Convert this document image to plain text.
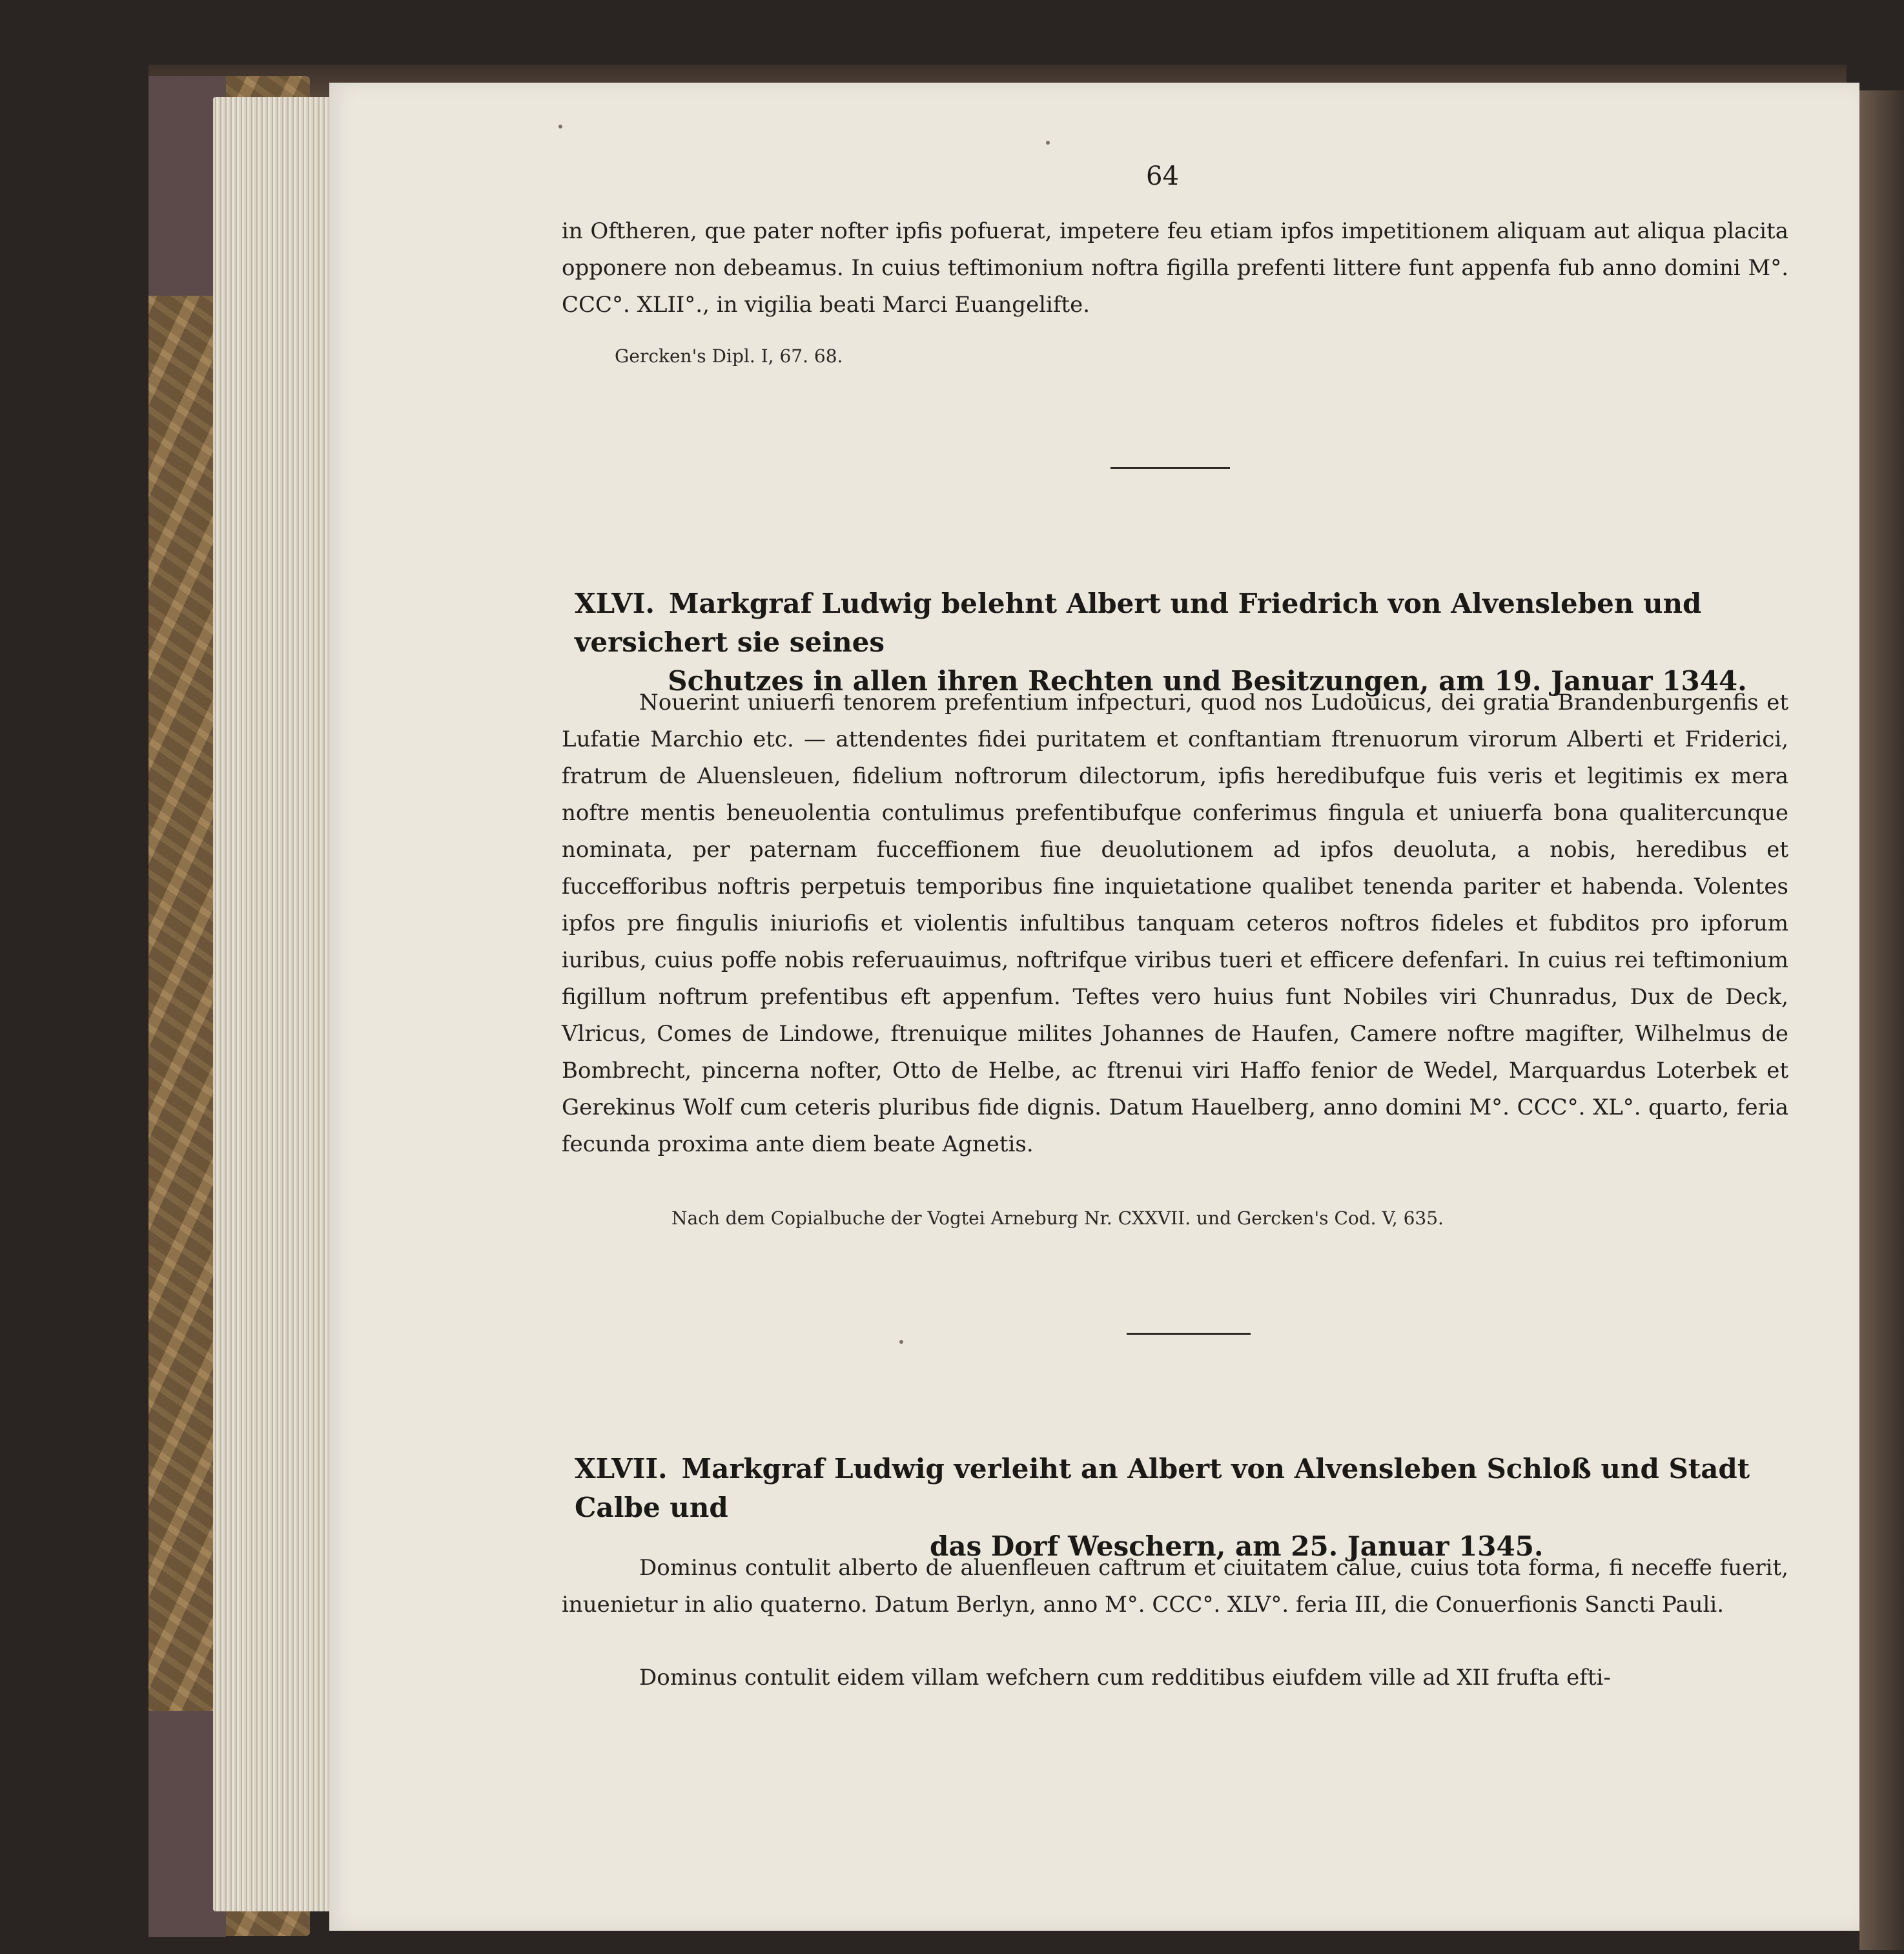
64
in Oftheren, que pater nofter ipfis pofuerat, impetere feu etiam ipfos impetitionem aliquam aut aliqua placita opponere non debeamus. In cuius teftimonium noftra figilla prefenti littere funt appenfa fub anno domini M°. CCC°. XLII°., in vigilia beati Marci Euangelifte.
Gercken's Dipl. I, 67. 68.
XLVI. Markgraf Ludwig belehnt Albert und Friedrich von Alvensleben und versichert sie seines
Schutzes in allen ihren Rechten und Besitzungen, am 19. Januar 1344.
Nouerint uniuerfi tenorem prefentium infpecturi, quod nos Ludouicus, dei gratia Brandenburgenfis et Lufatie Marchio etc. — attendentes fidei puritatem et conftantiam ftrenuorum virorum Alberti et Friderici, fratrum de Aluensleuen, fidelium noftrorum dilectorum, ipfis heredibufque fuis veris et legitimis ex mera noftre mentis beneuolentia contulimus prefentibufque conferimus fingula et uniuerfa bona qualitercunque nominata, per paternam fucceffionem fiue deuolutionem ad ipfos deuoluta, a nobis, heredibus et fuccefforibus noftris perpetuis temporibus fine inquietatione qualibet tenenda pariter et habenda. Volentes ipfos pre fingulis iniuriofis et violentis infultibus tanquam ceteros noftros fideles et fubditos pro ipforum iuribus, cuius poffe nobis referuauimus, noftrifque viribus tueri et efficere defenfari. In cuius rei teftimonium figillum noftrum prefentibus eft appenfum. Teftes vero huius funt Nobiles viri Chunradus, Dux de Deck, Vlricus, Comes de Lindowe, ftrenuique milites Johannes de Haufen, Camere noftre magifter, Wilhelmus de Bombrecht, pincerna nofter, Otto de Helbe, ac ftrenui viri Haffo fenior de Wedel, Marquardus Loterbek et Gerekinus Wolf cum ceteris pluribus fide dignis. Datum Hauelberg, anno domini M°. CCC°. XL°. quarto, feria fecunda proxima ante diem beate Agnetis.
Nach dem Copialbuche der Vogtei Arneburg Nr. CXXVII. und Gercken's Cod. V, 635.
XLVII. Markgraf Ludwig verleiht an Albert von Alvensleben Schloß und Stadt Calbe und
das Dorf Weschern, am 25. Januar 1345.
Dominus contulit alberto de aluenfleuen caftrum et ciuitatem calue, cuius tota forma, fi neceffe fuerit, inuenietur in alio quaterno. Datum Berlyn, anno M°. CCC°. XLV°. feria III, die Conuerfionis Sancti Pauli.
Dominus contulit eidem villam wefchern cum redditibus eiufdem ville ad XII frufta efti-
